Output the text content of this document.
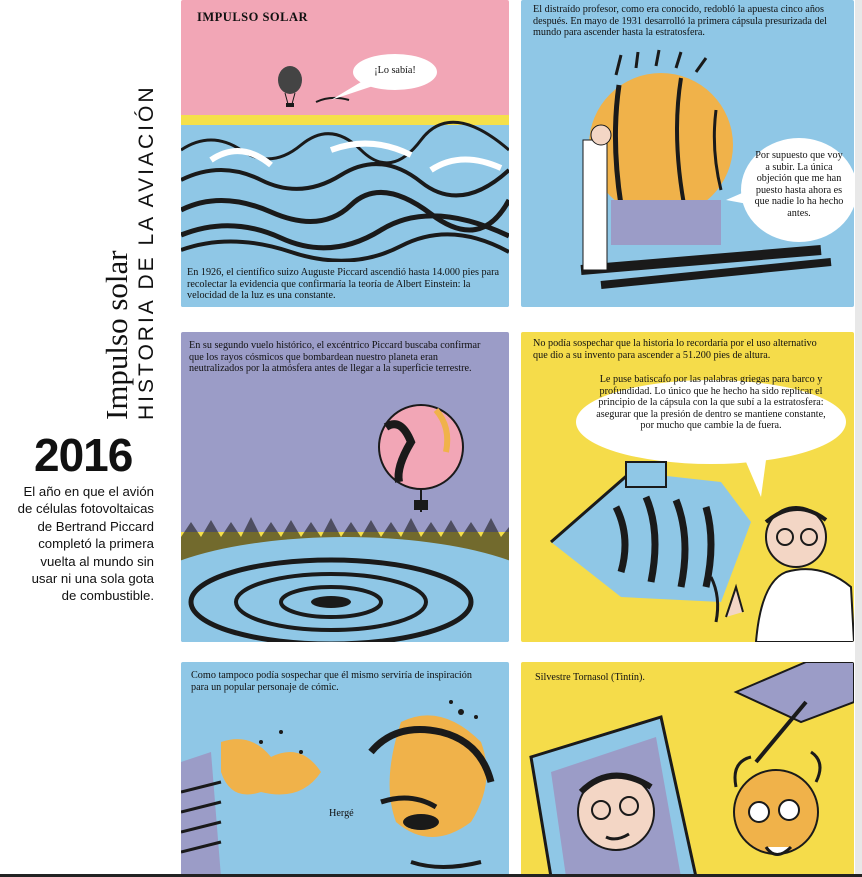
Impulso solar HISTORIA DE LA AVIACIÓN
2016
El año en que el avión de células fotovoltaicas de Bertrand Piccard completó la primera vuelta al mundo sin usar ni una sola gota de combustible.
IMPULSO SOLAR
¡Lo sabía!
En 1926, el científico suizo Auguste Piccard ascendió hasta 14.000 pies para recolectar la evidencia que confirmaría la teoría de Albert Einstein: la velocidad de la luz es una constante.
El distraído profesor, como era conocido, redobló la apuesta cinco años después. En mayo de 1931 desarrolló la primera cápsula presurizada del mundo para ascender hasta la estratosfera.
Por supuesto que voy a subir. La única objeción que me han puesto hasta ahora es que nadie lo ha hecho antes.
En su segundo vuelo histórico, el excéntrico Piccard buscaba confirmar que los rayos cósmicos que bombardean nuestro planeta eran neutralizados por la atmósfera antes de llegar a la superficie terrestre.
No podía sospechar que la historia lo recordaría por el uso alternativo que dio a su invento para ascender a 51.200 pies de altura.
Le puse batiscafo por las palabras griegas para barco y profundidad. Lo único que he hecho ha sido replicar el principio de la cápsula con la que subí a la estratosfera: asegurar que la presión de dentro se mantiene constante, por mucho que cambie la de fuera.
Como tampoco podía sospechar que él mismo serviría de inspiración para un popular personaje de cómic.
Hergé
Silvestre Tornasol (Tintín).
